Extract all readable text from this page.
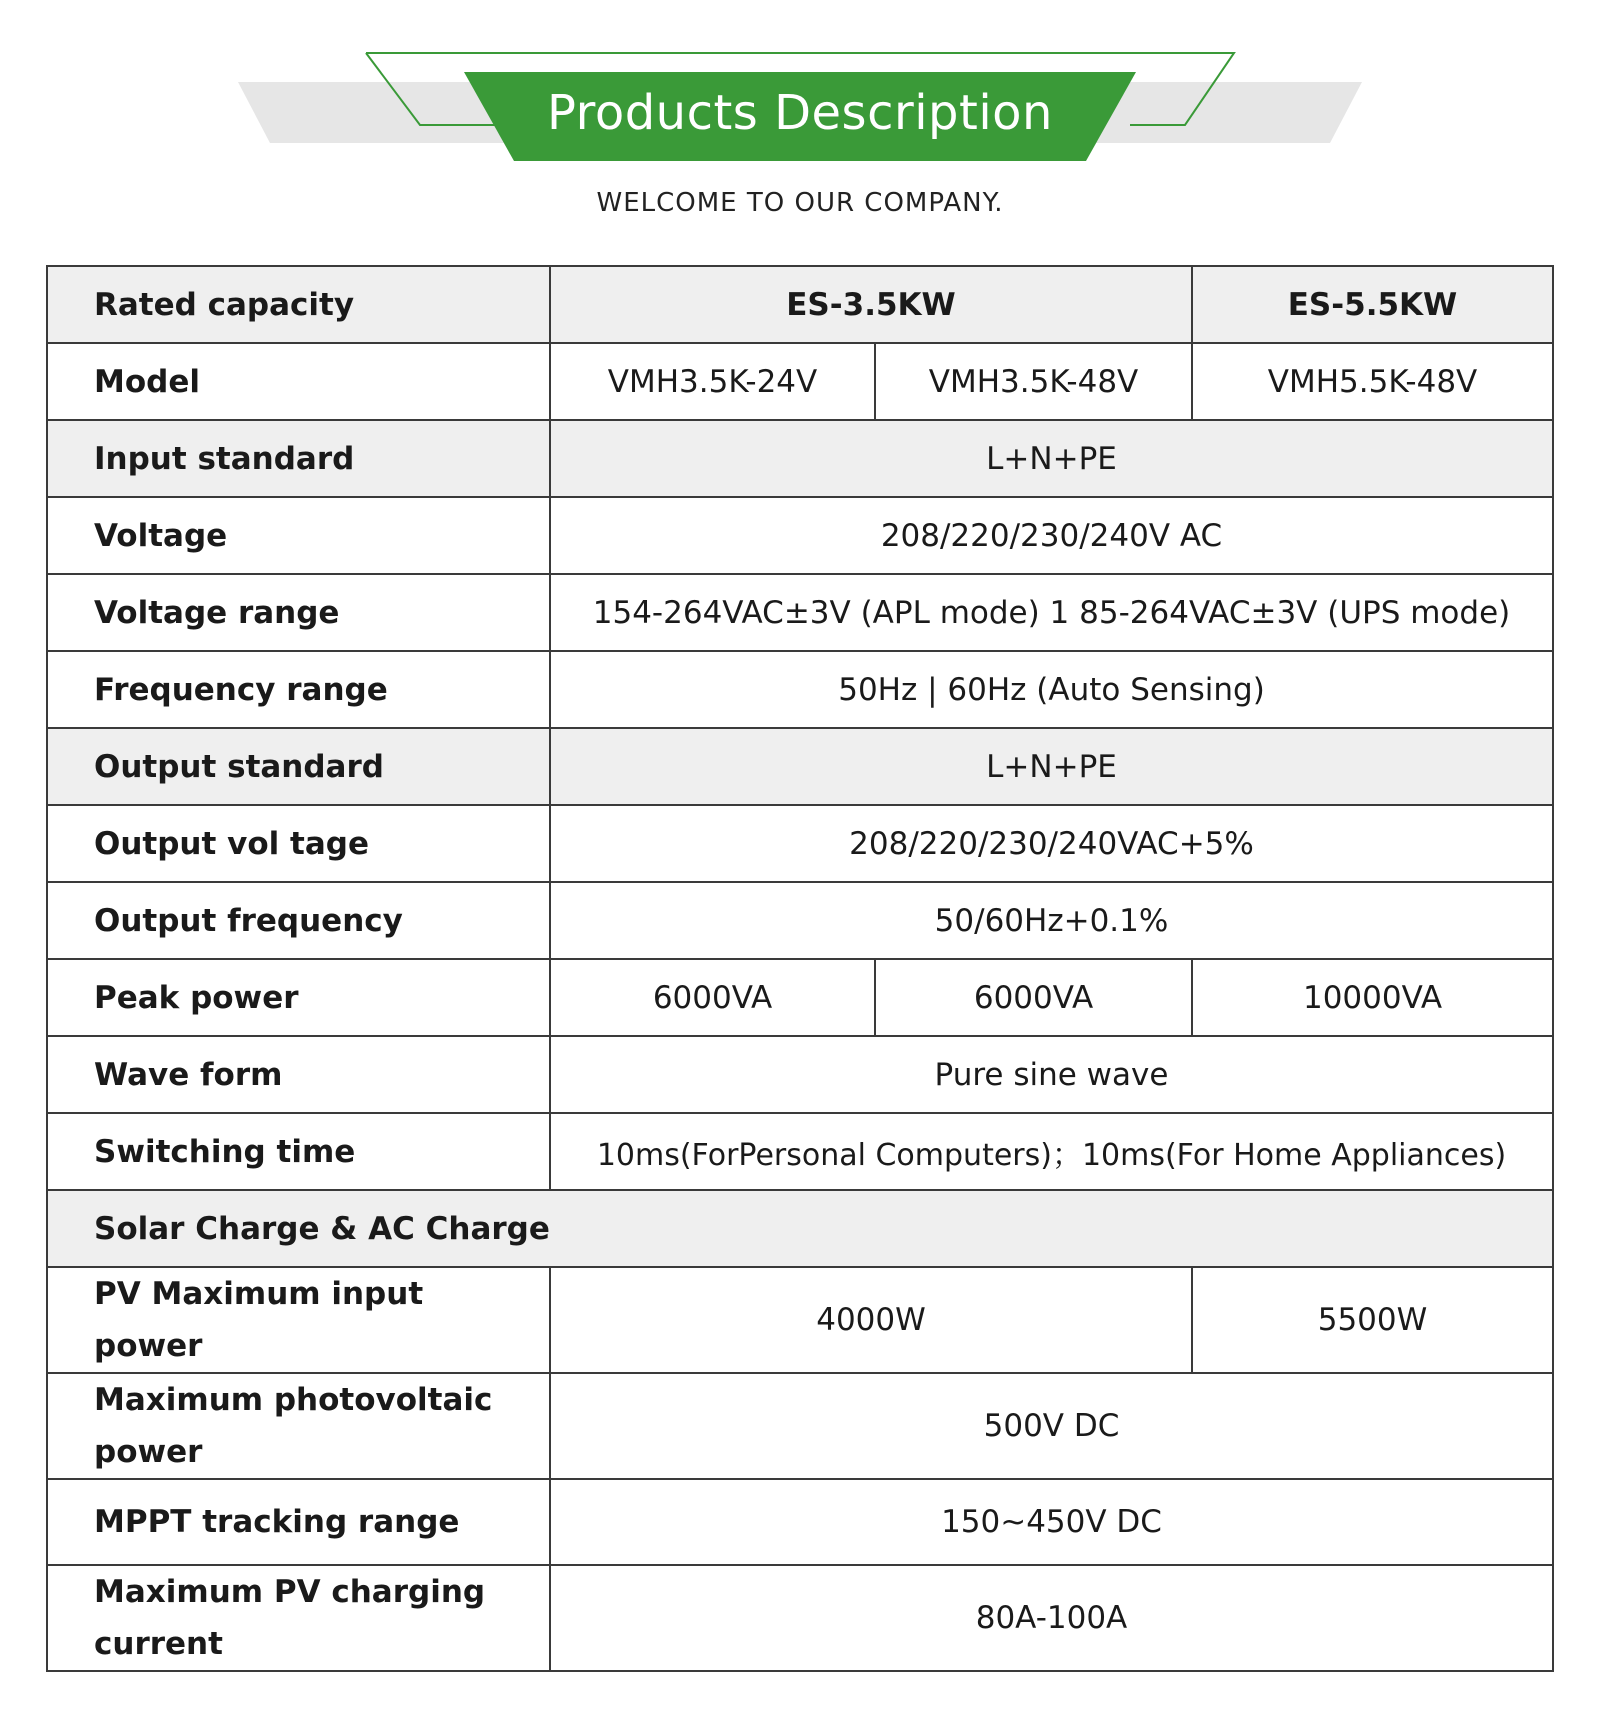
Products Description
WELCOME TO OUR COMPANY.
Rated capacity	ES-3.5KW		ES-5.5KW
Model	VMH3.5K-24V	VMH3.5K-48V	VMH5.5K-48V
Input standard	L+N+PE		
Voltage	208/220/230/240V AC		
Voltage range	154-264VAC±3V (APL mode) 1 85-264VAC±3V (UPS mode)		
Frequency range	50Hz | 60Hz (Auto Sensing)		
Output standard	L+N+PE		
Output vol tage	208/220/230/240VAC+5%		
Output frequency	50/60Hz+0.1%		
Peak power	6000VA	6000VA	10000VA
Wave form	Pure sine wave		
Switching time	10ms(ForPersonal Computers)；10ms(For Home Appliances)		
Solar Charge & AC Charge			
PV Maximum input power	4000W		5500W
Maximum photovoltaic power	500V DC		
MPPT tracking range	150~450V DC		
Maximum PV charging current	80A-100A		
